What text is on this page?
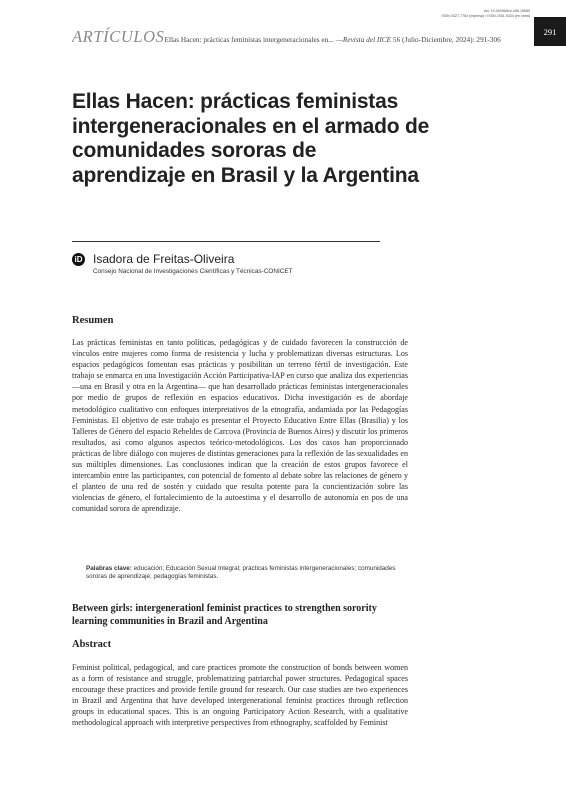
doi: 10.34096/iice.n56.15689
ISSN 0327-7763 (impresa) / ISSN 2451-5434 (en línea)
ARTÍCULOSEllas Hacen: prácticas feministas intergeneracionales en... —Revista del IICE 56 (Julio-Diciembre, 2024): 291-306
291
Ellas Hacen: prácticas feministas intergeneracionales en el armado de comunidades sororas de aprendizaje en Brasil y la Argentina
iD Isadora de Freitas-Oliveira
Consejo Nacional de Investigaciones Científicas y Técnicas-CONICET
Resumen

Las prácticas feministas en tanto políticas, pedagógicas y de cuidado favorecen la construcción de vínculos entre mujeres como forma de resistencia y lucha y problematizan diversas estructuras. Los espacios pedagógicos fomentan esas prácticas y posibilitan un terreno fértil de investigación. Este trabajo se enmarca en una Investigación Acción Participativa-IAP en curso que analiza dos experiencias —una en Brasil y otra en la Argentina— que han desarrollado prácticas feministas intergeneracionales por medio de grupos de reflexión en espacios educativos. Dicha investigación es de abordaje metodológico cualitativo con enfoques interpretativos de la etnografía, andamiada por las Pedagogías Feministas. El objetivo de este trabajo es presentar el Proyecto Educativo Entre Ellas (Brasilia) y los Talleres de Género del espacio Rebeldes de Carcova (Provincia de Buenos Aires) y discutir los primeros resultados, así como algunos aspectos teórico-metodológicos. Los dos casos han proporcionado prácticas de libre diálogo con mujeres de distintas generaciones para la reflexión de las sexualidades en sus múltiples dimensiones. Las conclusiones indican que la creación de estos grupos favorece el intercambio entre las participantes, con potencial de fomento al debate sobre las relaciones de género y el planteo de una red de sostén y cuidado que resulta potente para la concientización sobre las violencias de género, el fortalecimiento de la autoestima y el desarrollo de autonomía en pos de una comunidad sorora de aprendizaje.

Palabras clave: educación; Educación Sexual Integral; prácticas feministas intergeneracionales; comunidades sororas de aprendizaje; pedagogías feministas.

Between girls: intergenerationl feminist practices to strengthen sorority learning communities in Brazil and Argentina
Abstract

Feminist political, pedagogical, and care practices promote the construction of bonds between women as a form of resistance and struggle, problematizing patriarchal power structures. Pedagogical spaces encourage these practices and provide fertile ground for research. Our case studies are two experiences in Brazil and Argentina that have developed intergenerational feminist practices through reflection groups in educational spaces. This is an ongoing Participatory Action Research, with a qualitative methodological approach with interpretive perspectives from ethnography, scaffolded by Feminist
